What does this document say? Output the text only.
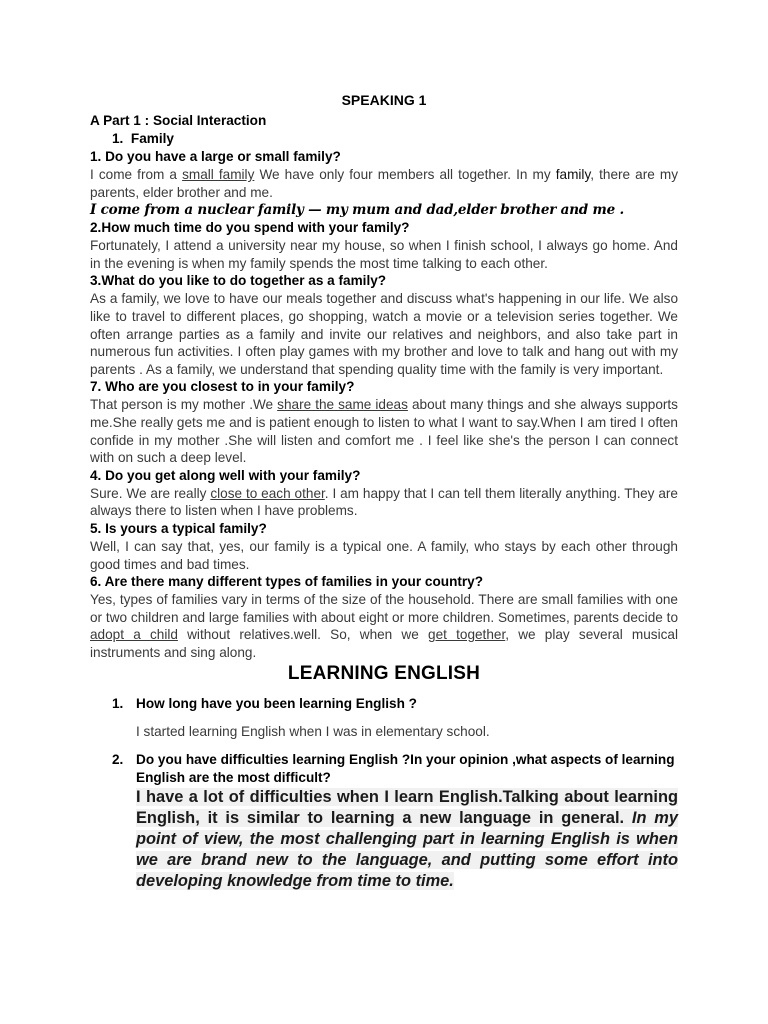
SPEAKING 1

A Part 1 : Social Interaction

1. Family

1. Do you have a large or small family?

I come from a small family We have only four members all together. In my family, there are my parents, elder brother and me.

I come from a nuclear family — my mum and dad,elder brother and me .

2.How much time do you spend with your family?

Fortunately, I attend a university near my house, so when I finish school, I always go home. And in the evening is when my family spends the most time talking to each other.

3.What do you like to do together as a family?

As a family, we love to have our meals together and discuss what's happening in our life. We also like to travel to different places, go shopping, watch a movie or a television series together. We often arrange parties as a family and invite our relatives and neighbors, and also take part in numerous fun activities. I often play games with my brother and love to talk and hang out with my parents . As a family, we understand that spending quality time with the family is very important.

7. Who are you closest to in your family?

That person is my mother .We share the same ideas about many things and she always supports me.She really gets me and is patient enough to listen to what I want to say.When I am tired I often confide in my mother .She will listen and comfort me . I feel like she's the person I can connect with on such a deep level.

4. Do you get along well with your family?

Sure. We are really close to each other. I am happy that I can tell them literally anything. They are always there to listen when I have problems.

5. Is yours a typical family?

Well, I can say that, yes, our family is a typical one. A family, who stays by each other through good times and bad times.

6. Are there many different types of families in your country?

Yes, types of families vary in terms of the size of the household. There are small families with one or two children and large families with about eight or more children. Sometimes, parents decide to adopt a child without relatives.well. So, when we get together, we play several musical instruments and sing along.

LEARNING ENGLISH

1. How long have you been learning English ?

I started learning English when I was in elementary school.

2. Do you have difficulties learning English ?In your opinion ,what aspects of learning English are the most difficult?

I have a lot of difficulties when I learn English.Talking about learning English, it is similar to learning a new language in general. In my point of view, the most challenging part in learning English is when we are brand new to the language, and putting some effort into developing knowledge from time to time.
